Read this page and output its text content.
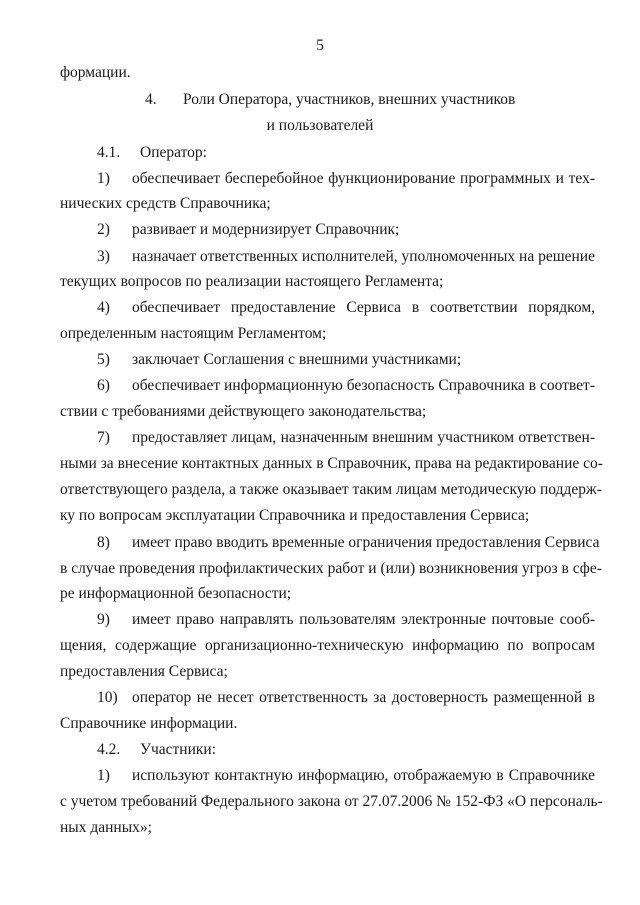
5
формации.
4. Роли Оператора, участников, внешних участников
и пользователей
4.1. Оператор:
1) обеспечивает бесперебойное функционирование программных и тех-
нических средств Справочника;
2) развивает и модернизирует Справочник;
3) назначает ответственных исполнителей, уполномоченных на решение
текущих вопросов по реализации настоящего Регламента;
4) обеспечивает предоставление Сервиса в соответствии порядком,
определенным настоящим Регламентом;
5) заключает Соглашения с внешними участниками;
6) обеспечивает информационную безопасность Справочника в соответ-
ствии с требованиями действующего законодательства;
7) предоставляет лицам, назначенным внешним участником ответствен-
ными за внесение контактных данных в Справочник, права на редактирование со-
ответствующего раздела, а также оказывает таким лицам методическую поддерж-
ку по вопросам эксплуатации Справочника и предоставления Сервиса;
8) имеет право вводить временные ограничения предоставления Сервиса
в случае проведения профилактических работ и (или) возникновения угроз в сфе-
ре информационной безопасности;
9) имеет право направлять пользователям электронные почтовые сооб-
щения, содержащие организационно-техническую информацию по вопросам
предоставления Сервиса;
10) оператор не несет ответственность за достоверность размещенной в
Справочнике информации.
4.2. Участники:
1) используют контактную информацию, отображаемую в Справочнике
с учетом требований Федерального закона от 27.07.2006 № 152-ФЗ «О персональ-
ных данных»;
